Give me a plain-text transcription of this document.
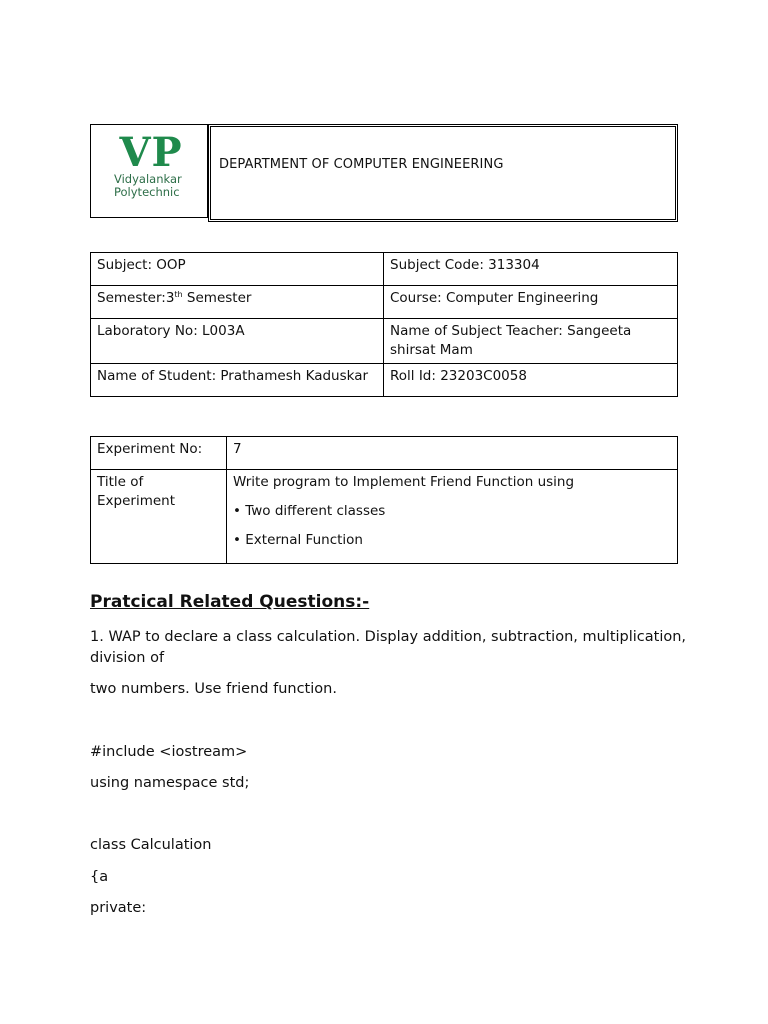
VP
Vidyalankar
Polytechnic
DEPARTMENT OF COMPUTER ENGINEERING
Subject: OOP	Subject Code: 313304
Semester:3th Semester	Course: Computer Engineering
Laboratory No: L003A	Name of Subject Teacher: Sangeeta shirsat Mam
Name of Student: Prathamesh Kaduskar	Roll Id: 23203C0058
Experiment No:	7
Title of Experiment	Write program to Implement Friend Function using
• Two different classes
• External Function
Pratcical Related Questions:-
1. WAP to declare a class calculation. Display addition, subtraction, multiplication, division of
two numbers. Use friend function.
#include <iostream>
using namespace std;
class Calculation
{a
private:
